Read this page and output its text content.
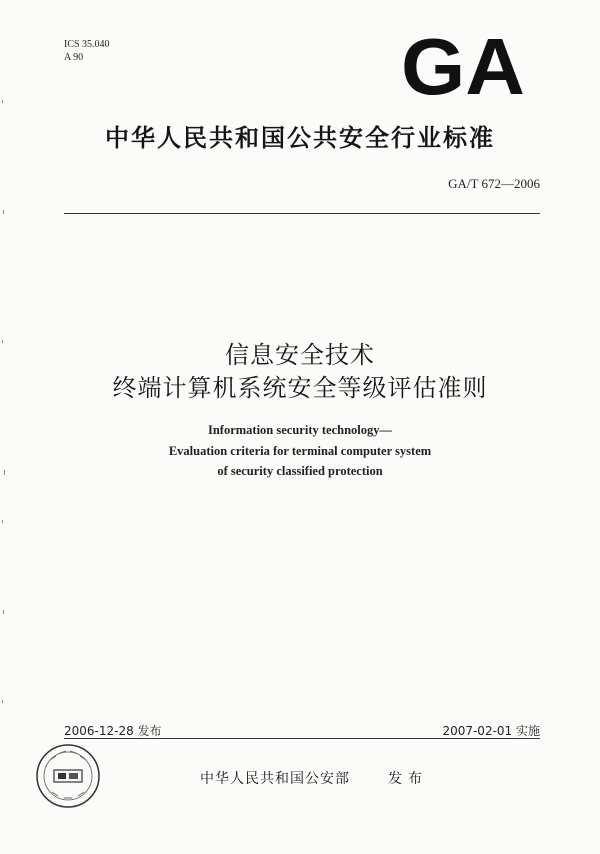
ICS 35.040
A 90	GA
中华人民共和国公共安全行业标准
GA/T 672—2006
信息安全技术
终端计算机系统安全等级评估准则
Information security technology—
Evaluation criteria for terminal computer system
of security classified protection
2006-12-28 发布	2007-02-01 实施
中华人民共和国公安部	发布
